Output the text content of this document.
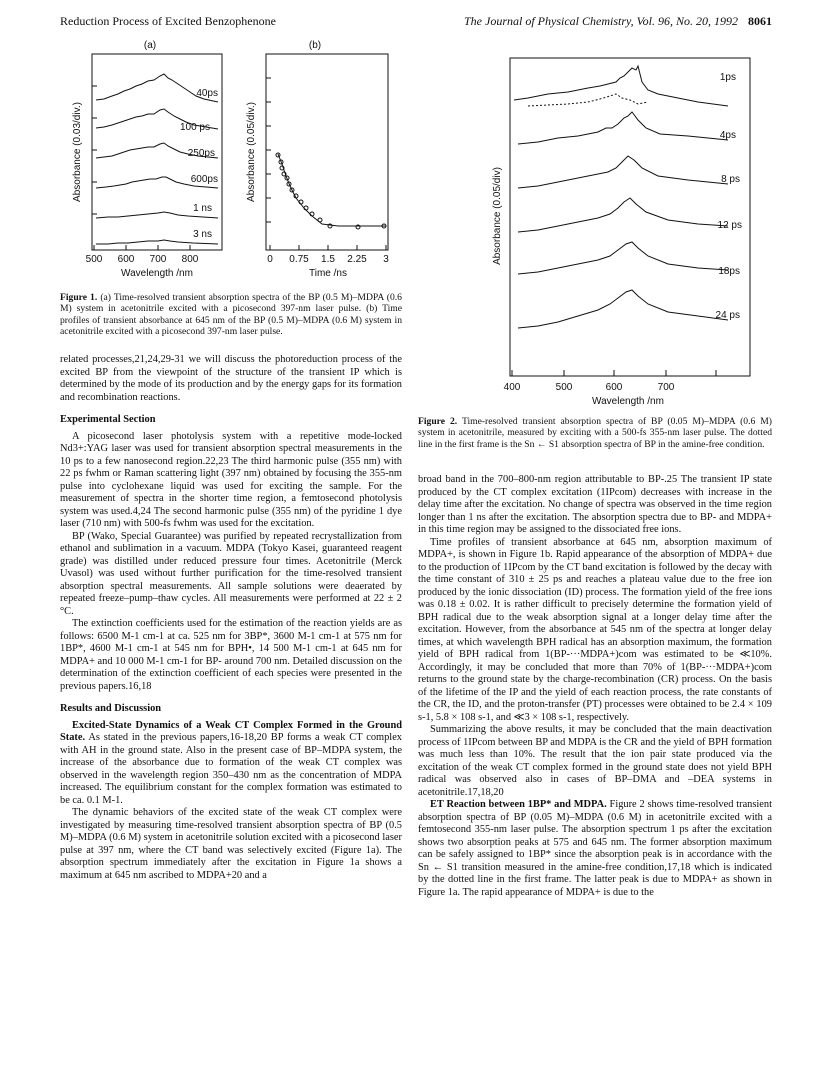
Reduction Process of Excited Benzophenone	The Journal of Physical Chemistry, Vol. 96, No. 20, 1992 8061
(a)	(b)
40ps
100 ps
250ps
600ps
1 ns
3 ns
500 600 700 800
Wavelength /nm
Absorbance (0.03/div.)
0 0.75 1.5 2.25 3
Time /ns
Absorbance (0.05/div.)
Figure 1. (a) Time-resolved transient absorption spectra of the BP (0.5 M)–MDPA (0.6 M) system in acetonitrile excited with a picosecond 397-nm laser pulse. (b) Time profiles of transient absorbance at 645 nm of the BP (0.5 M)–MDPA (0.6 M) system in acetonitrile excited with a picosecond 397-nm laser pulse.
1ps
4ps
8 ps
12 ps
18ps
24 ps
400	500	600	700
Wavelength /nm
Absorbance (0.05/div)
Figure 2. Time-resolved transient absorption spectra of BP (0.05 M)–MDPA (0.6 M) system in acetonitrile, measured by exciting with a 500-fs 355-nm laser pulse. The dotted line in the first frame is the Sn ← S1 absorption spectra of BP in the amine-free condition.

related processes,21,24,29-31 we will discuss the photoreduction process of the excited BP from the viewpoint of the structure of the transient IP which is determined by the mode of its production and by the energy gaps for its formation and recombination reactions.

Experimental Section

A picosecond laser photolysis system with a repetitive mode-locked Nd3+:YAG laser was used for transient absorption spectral measurements in the 10 ps to a few nanosecond region.22,23 The third harmonic pulse (355 nm) with 22 ps fwhm or Raman scattering light (397 nm) obtained by focusing the 355-nm pulse into cyclohexane liquid was used for exciting the sample. For the measurement of spectra in the shorter time region, a femtosecond photolysis system was used.4,24 The second harmonic pulse (355 nm) of the pyridine 1 dye laser (710 nm) with 500-fs fwhm was used for the excitation.

BP (Wako, Special Guarantee) was purified by repeated recrystallization from ethanol and sublimation in a vacuum. MDPA (Tokyo Kasei, guaranteed reagent grade) was distilled under reduced pressure four times. Acetonitrile (Merck Uvasol) was used without further purification for the time-resolved transient absorption spectral measurements. All sample solutions were deaerated by repeated freeze–pump–thaw cycles. All measurements were performed at 22 ± 2 °C.

The extinction coefficients used for the estimation of the reaction yields are as follows: 6500 M-1 cm-1 at ca. 525 nm for 3BP*, 3600 M-1 cm-1 at 575 nm for 1BP*, 4600 M-1 cm-1 at 545 nm for BPH•, 14 500 M-1 cm-1 at 645 nm for MDPA+ and 10 000 M-1 cm-1 for BP- around 700 nm. Detailed discussion on the determination of the extinction coefficient of each species were presented in the previous papers.16,18

Results and Discussion

Excited-State Dynamics of a Weak CT Complex Formed in the Ground State. As stated in the previous papers,16-18,20 BP forms a weak CT complex with AH in the ground state. Also in the present case of BP–MDPA system, the increase of the absorbance due to formation of the weak CT complex was observed in the wavelength region 350–430 nm as the concentration of MDPA increased. The equilibrium constant for the complex formation was estimated to be ca. 0.1 M-1.

The dynamic behaviors of the excited state of the weak CT complex were investigated by measuring time-resolved transient absorption spectra of BP (0.5 M)–MDPA (0.6 M) system in acetonitrile solution excited with a picosecond laser pulse at 397 nm, where the CT band was selectively excited (Figure 1a). The absorption spectrum immediately after the excitation in Figure 1a shows a maximum at 645 nm ascribed to MDPA+20 and a

broad band in the 700–800-nm region attributable to BP-.25 The transient IP state produced by the CT complex excitation (1IPcom) decreases with increase in the delay time after the excitation. No change of spectra was observed in the time region longer than 1 ns after the excitation. The absorption spectra due to BP- and MDPA+ in this time region may be assigned to the dissociated free ions.

Time profiles of transient absorbance at 645 nm, absorption maximum of MDPA+, is shown in Figure 1b. Rapid appearance of the absorption of MDPA+ due to the production of 1IPcom by the CT band excitation is followed by the decay with the time constant of 310 ± 25 ps and reaches a plateau value due to the free ion produced by the ionic dissociation (ID) process. The formation yield of the free ions was 0.18 ± 0.02. It is rather difficult to precisely determine the formation yield of BPH radical due to the weak absorption signal at a longer delay time after the excitation. However, from the absorbance at 545 nm of the spectra at longer delay times, at which wavelength BPH radical has an absorption maximum, the formation yield of BPH radical from 1(BP-···MDPA+)com was estimated to be ≪10%. Accordingly, it may be concluded that more than 70% of 1(BP-···MDPA+)com returns to the ground state by the charge-recombination (CR) process. On the basis of the lifetime of the IP and the yield of each reaction process, the rate constants of the CR, the ID, and the proton-transfer (PT) processes were obtained to be 2.4 × 109 s-1, 5.8 × 108 s-1, and ≪3 × 108 s-1, respectively.

Summarizing the above results, it may be concluded that the main deactivation process of 1IPcom between BP and MDPA is the CR and the yield of BPH formation was much less than 10%. The result that the ion pair state produced via the excitation of the weak CT complex formed in the ground state does not yield BPH radical was observed also in cases of BP–DMA and –DEA systems in acetonitrile.17,18,20

ET Reaction between 1BP* and MDPA. Figure 2 shows time-resolved transient absorption spectra of BP (0.05 M)–MDPA (0.6 M) in acetonitrile excited with a femtosecond 355-nm laser pulse. The absorption spectrum 1 ps after the excitation shows two absorption peaks at 575 and 645 nm. The former absorption maximum can be safely assigned to 1BP* since the absorption peak is in accordance with the Sn ← S1 transition measured in the amine-free condition,17,18 which is indicated by the dotted line in the first frame. The latter peak is due to MDPA+ as shown in Figure 1a. The rapid appearance of MDPA+ is due to the
